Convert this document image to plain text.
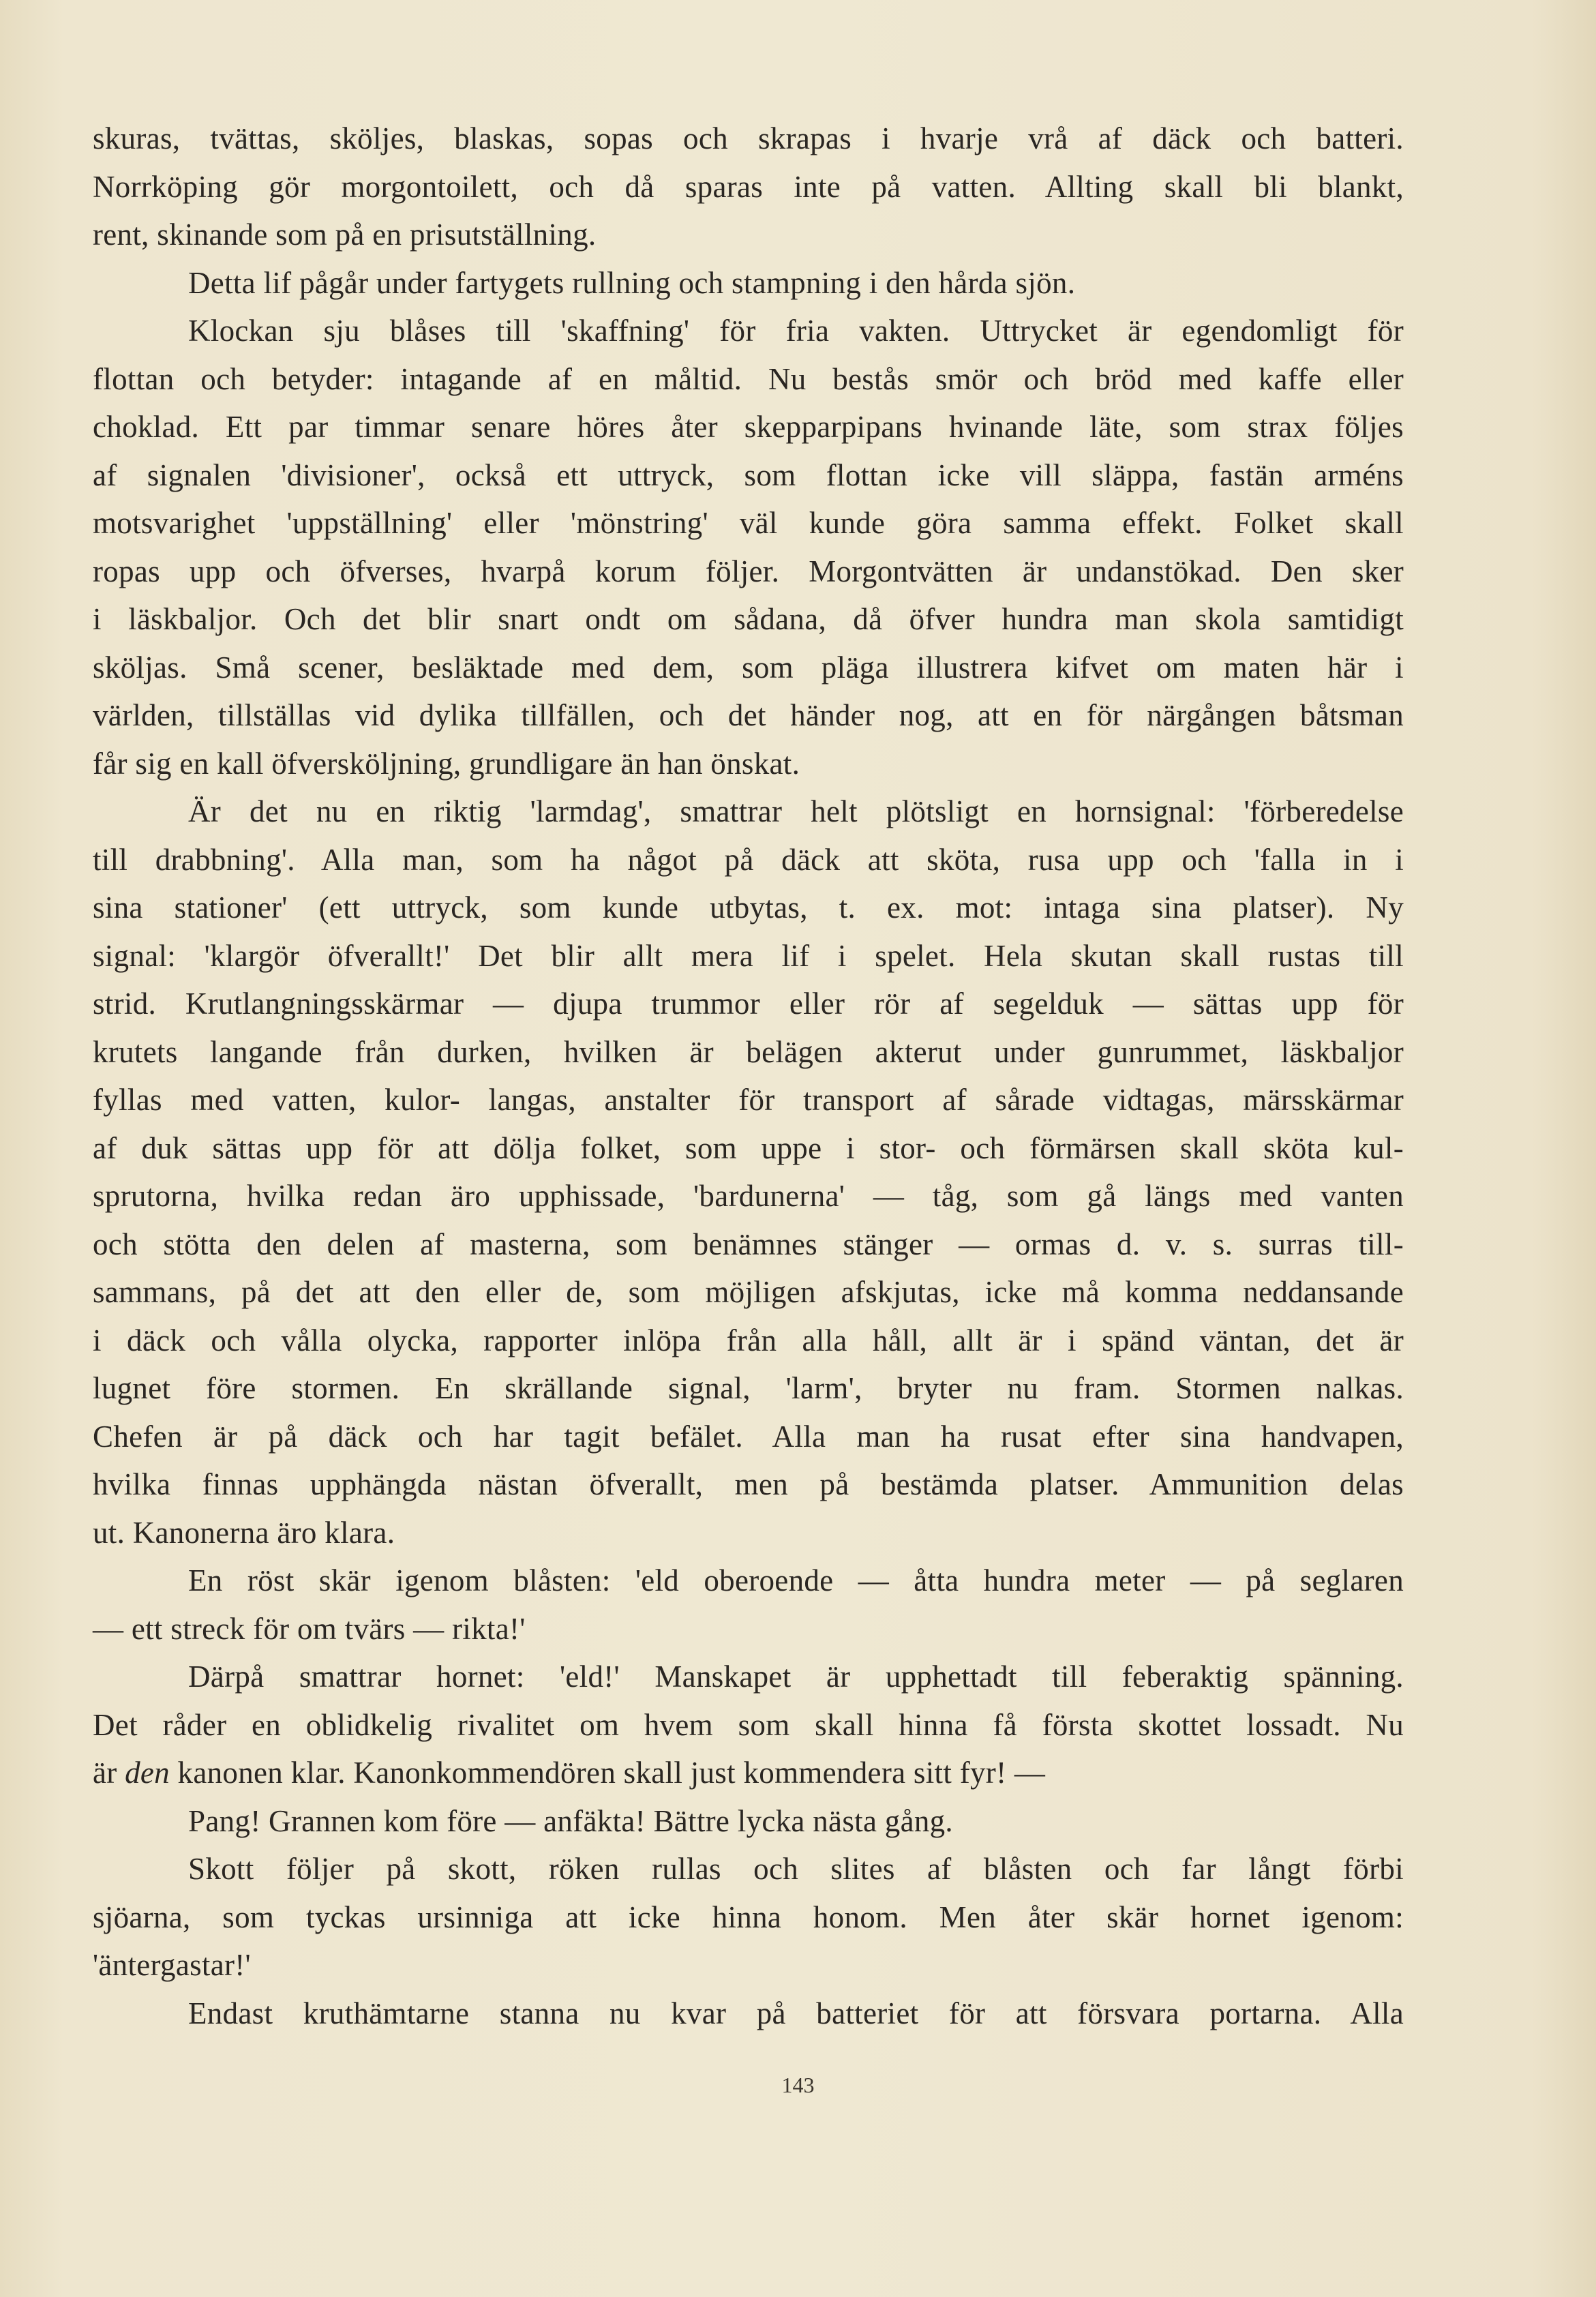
skuras, tvättas, sköljes, blaskas, sopas och skrapas i hvarje vrå af däck och batteri.
Norrköping gör morgontoilett, och då sparas inte på vatten. Allting skall bli blankt,
rent, skinande som på en prisutställning.
Detta lif pågår under fartygets rullning och stampning i den hårda sjön.
Klockan sju blåses till 'skaffning' för fria vakten. Uttrycket är egendomligt för
flottan och betyder: intagande af en måltid. Nu bestås smör och bröd med kaffe eller
choklad. Ett par timmar senare höres åter skepparpipans hvinande läte, som strax följes
af signalen 'divisioner', också ett uttryck, som flottan icke vill släppa, fastän arméns
motsvarighet 'uppställning' eller 'mönstring' väl kunde göra samma effekt. Folket skall
ropas upp och öfverses, hvarpå korum följer. Morgontvätten är undanstökad. Den sker
i läskbaljor. Och det blir snart ondt om sådana, då öfver hundra man skola samtidigt
sköljas. Små scener, besläktade med dem, som pläga illustrera kifvet om maten här i
världen, tillställas vid dylika tillfällen, och det händer nog, att en för närgången båtsman
får sig en kall öfversköljning, grundligare än han önskat.
Är det nu en riktig 'larmdag', smattrar helt plötsligt en hornsignal: 'förberedelse
till drabbning'. Alla man, som ha något på däck att sköta, rusa upp och 'falla in i
sina stationer' (ett uttryck, som kunde utbytas, t. ex. mot: intaga sina platser). Ny
signal: 'klargör öfverallt!' Det blir allt mera lif i spelet. Hela skutan skall rustas till
strid. Krutlangningsskärmar — djupa trummor eller rör af segelduk — sättas upp för
krutets langande från durken, hvilken är belägen akterut under gunrummet, läskbaljor
fyllas med vatten, kulor- langas, anstalter för transport af sårade vidtagas, märsskärmar
af duk sättas upp för att dölja folket, som uppe i stor- och förmärsen skall sköta kul-
sprutorna, hvilka redan äro upphissade, 'bardunerna' — tåg, som gå längs med vanten
och stötta den delen af masterna, som benämnes stänger — ormas d. v. s. surras till-
sammans, på det att den eller de, som möjligen afskjutas, icke må komma neddansande
i däck och vålla olycka, rapporter inlöpa från alla håll, allt är i spänd väntan, det är
lugnet före stormen. En skrällande signal, 'larm', bryter nu fram. Stormen nalkas.
Chefen är på däck och har tagit befälet. Alla man ha rusat efter sina handvapen,
hvilka finnas upphängda nästan öfverallt, men på bestämda platser. Ammunition delas
ut. Kanonerna äro klara.
En röst skär igenom blåsten: 'eld oberoende — åtta hundra meter — på seglaren
— ett streck för om tvärs — rikta!'
Därpå smattrar hornet: 'eld!' Manskapet är upphettadt till feberaktig spänning.
Det råder en oblidkelig rivalitet om hvem som skall hinna få första skottet lossadt. Nu
är den kanonen klar. Kanonkommendören skall just kommendera sitt fyr! —
Pang! Grannen kom före — anfäkta! Bättre lycka nästa gång.
Skott följer på skott, röken rullas och slites af blåsten och far långt förbi
sjöarna, som tyckas ursinniga att icke hinna honom. Men åter skär hornet igenom:
'äntergastar!'
Endast kruthämtarne stanna nu kvar på batteriet för att försvara portarna. Alla
143
